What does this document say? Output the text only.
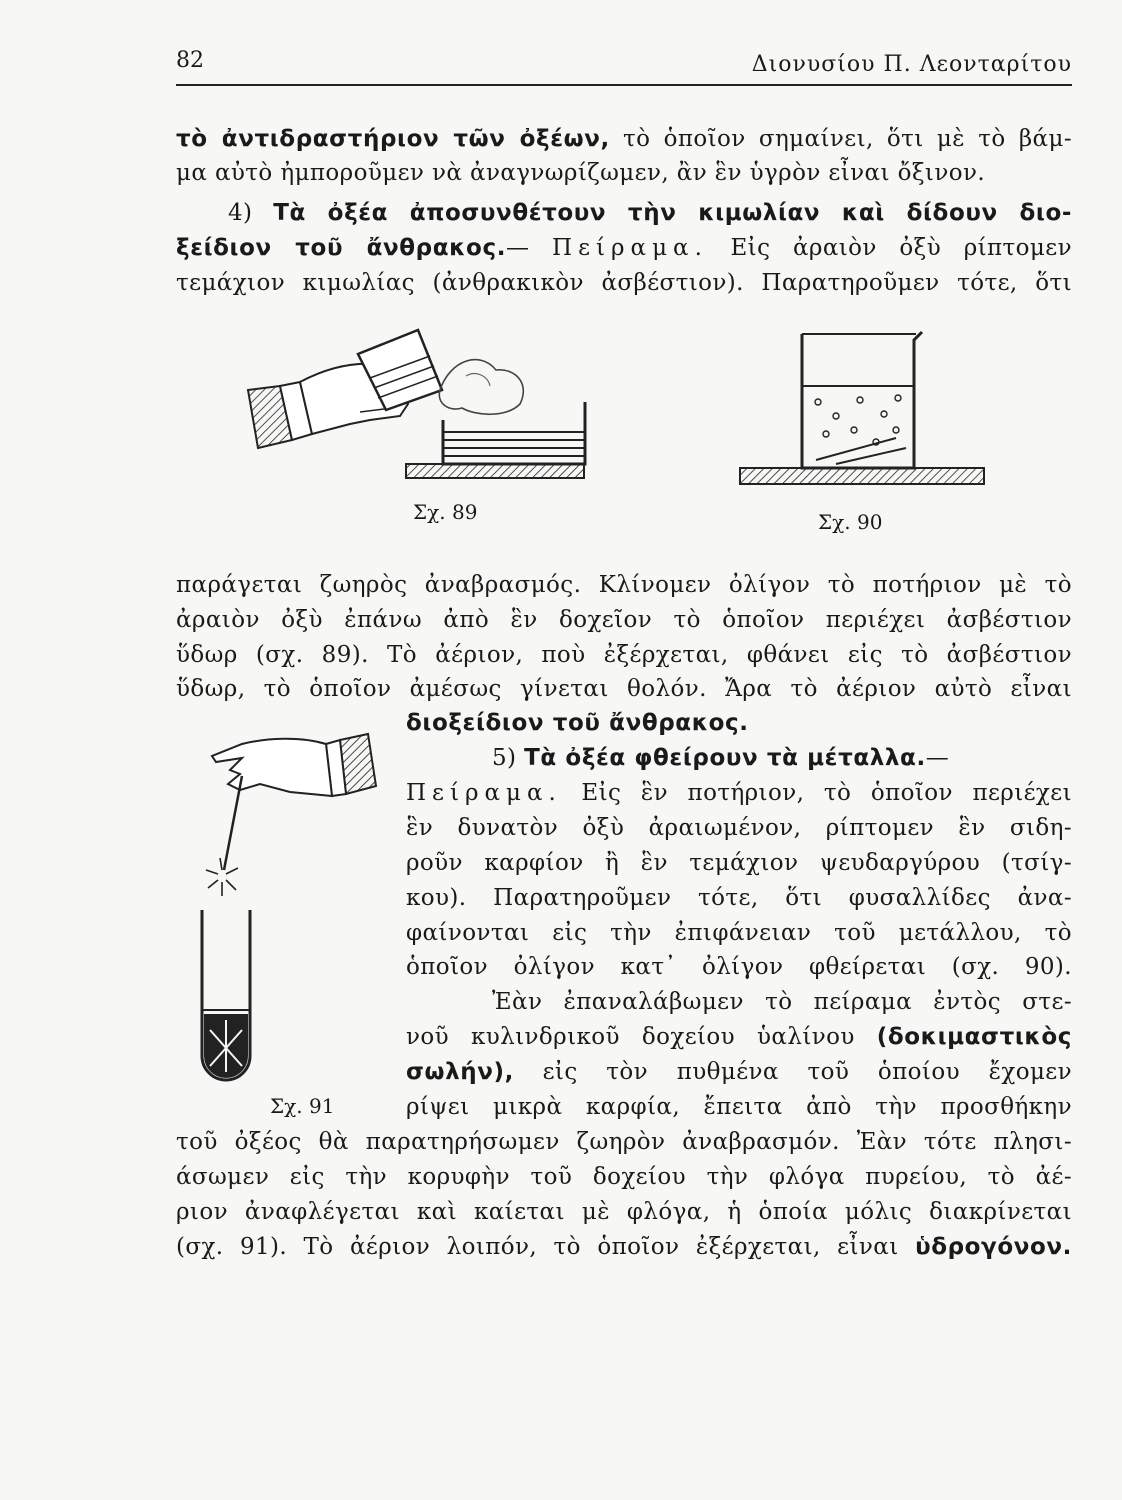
82	Διονυσίου Π. Λεονταρίτου
τὸ ἀντιδραστήριον τῶν ὀξέων, τὸ ὁποῖον σημαίνει, ὅτι μὲ τὸ βάμ-
μα αὐτὸ ἠμποροῦμεν νὰ ἀναγνωρίζωμεν, ἂν ἓν ὑγρὸν εἶναι ὄξινον.
4) Τὰ ὀξέα ἀποσυνθέτουν τὴν κιμωλίαν καὶ δίδουν διο-
ξείδιον τοῦ ἄνθρακος.— Πείραμα. Εἰς ἀραιὸν ὀξὺ ρίπτομεν
τεμάχιον κιμωλίας (ἀνθρακικὸν ἀσβέστιον). Παρατηροῦμεν τότε, ὅτι
Σχ. 89	Σχ. 90
παράγεται ζωηρὸς ἀναβρασμός. Κλίνομεν ὀλίγον τὸ ποτήριον μὲ τὸ
ἀραιὸν ὀξὺ ἐπάνω ἀπὸ ἓν δοχεῖον τὸ ὁποῖον περιέχει ἀσβέστιον
ὕδωρ (σχ. 89). Τὸ ἀέριον, ποὺ ἐξέρχεται, φθάνει εἰς τὸ ἀσβέστιον
ὕδωρ, τὸ ὁποῖον ἀμέσως γίνεται θολόν. Ἄρα τὸ ἀέριον αὐτὸ εἶναι
Σχ. 91
διοξείδιον τοῦ ἄνθρακος.
5) Τὰ ὀξέα φθείρουν τὰ μέταλλα.—
Πείραμα. Εἰς ἓν ποτήριον, τὸ ὁποῖον περιέχει
ἓν δυνατὸν ὀξὺ ἀραιωμένον, ρίπτομεν ἓν σιδη-
ροῦν καρφίον ἢ ἓν τεμάχιον ψευδαργύρου (τσίγ-
κου). Παρατηροῦμεν τότε, ὅτι φυσαλλίδες ἀνα-
φαίνονται εἰς τὴν ἐπιφάνειαν τοῦ μετάλλου, τὸ
ὁποῖον ὀλίγον κατ᾿ ὀλίγον φθείρεται (σχ. 90).
Ἐὰν ἐπαναλάβωμεν τὸ πείραμα ἐντὸς στε-
νοῦ κυλινδρικοῦ δοχείου ὑαλίνου (δοκιμαστικὸς
σωλήν), εἰς τὸν πυθμένα τοῦ ὁποίου ἔχομεν
ρίψει μικρὰ καρφία, ἔπειτα ἀπὸ τὴν προσθήκην
τοῦ ὀξέος θὰ παρατηρήσωμεν ζωηρὸν ἀναβρασμόν. Ἐὰν τότε πλησι-
άσωμεν εἰς τὴν κορυφὴν τοῦ δοχείου τὴν φλόγα πυρείου, τὸ ἀέ-
ριον ἀναφλέγεται καὶ καίεται μὲ φλόγα, ἡ ὁποία μόλις διακρίνεται
(σχ. 91). Τὸ ἀέριον λοιπόν, τὸ ὁποῖον ἐξέρχεται, εἶναι ὑδρογόνον.
